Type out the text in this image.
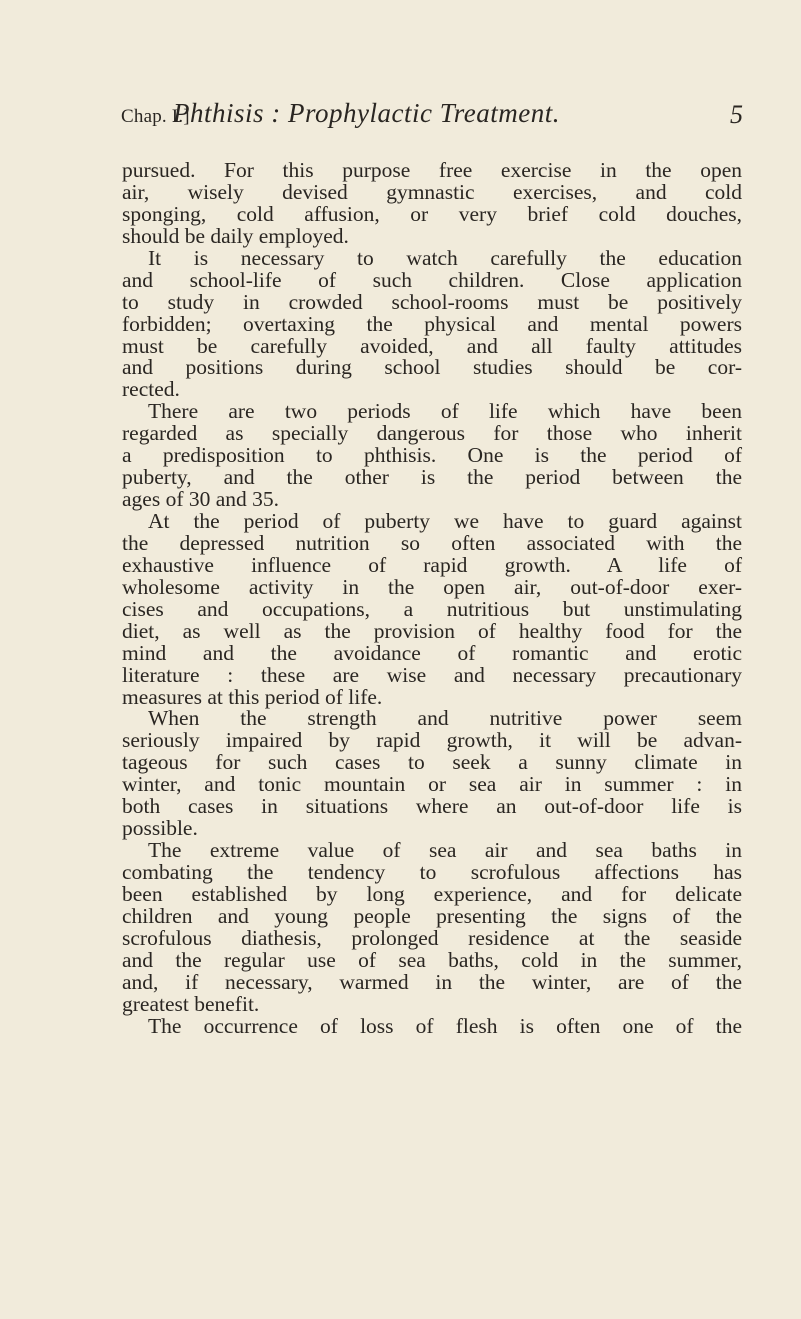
Chap. I.]
Phthisis : Prophylactic Treatment.	5
pursued. For this purpose free exercise in the open
air, wisely devised gymnastic exercises, and cold
sponging, cold affusion, or very brief cold douches,
should be daily employed.
It is necessary to watch carefully the education
and school-life of such children. Close application
to study in crowded school-rooms must be positively
forbidden; overtaxing the physical and mental powers
must be carefully avoided, and all faulty attitudes
and positions during school studies should be cor-
rected.
There are two periods of life which have been
regarded as specially dangerous for those who inherit
a predisposition to phthisis. One is the period of
puberty, and the other is the period between the
ages of 30 and 35.
At the period of puberty we have to guard against
the depressed nutrition so often associated with the
exhaustive influence of rapid growth. A life of
wholesome activity in the open air, out-of-door exer-
cises and occupations, a nutritious but unstimulating
diet, as well as the provision of healthy food for the
mind and the avoidance of romantic and erotic
literature : these are wise and necessary precautionary
measures at this period of life.
When the strength and nutritive power seem
seriously impaired by rapid growth, it will be advan-
tageous for such cases to seek a sunny climate in
winter, and tonic mountain or sea air in summer : in
both cases in situations where an out-of-door life is
possible.
The extreme value of sea air and sea baths in
combating the tendency to scrofulous affections has
been established by long experience, and for delicate
children and young people presenting the signs of the
scrofulous diathesis, prolonged residence at the seaside
and the regular use of sea baths, cold in the summer,
and, if necessary, warmed in the winter, are of the
greatest benefit.
The occurrence of loss of flesh is often one of the
